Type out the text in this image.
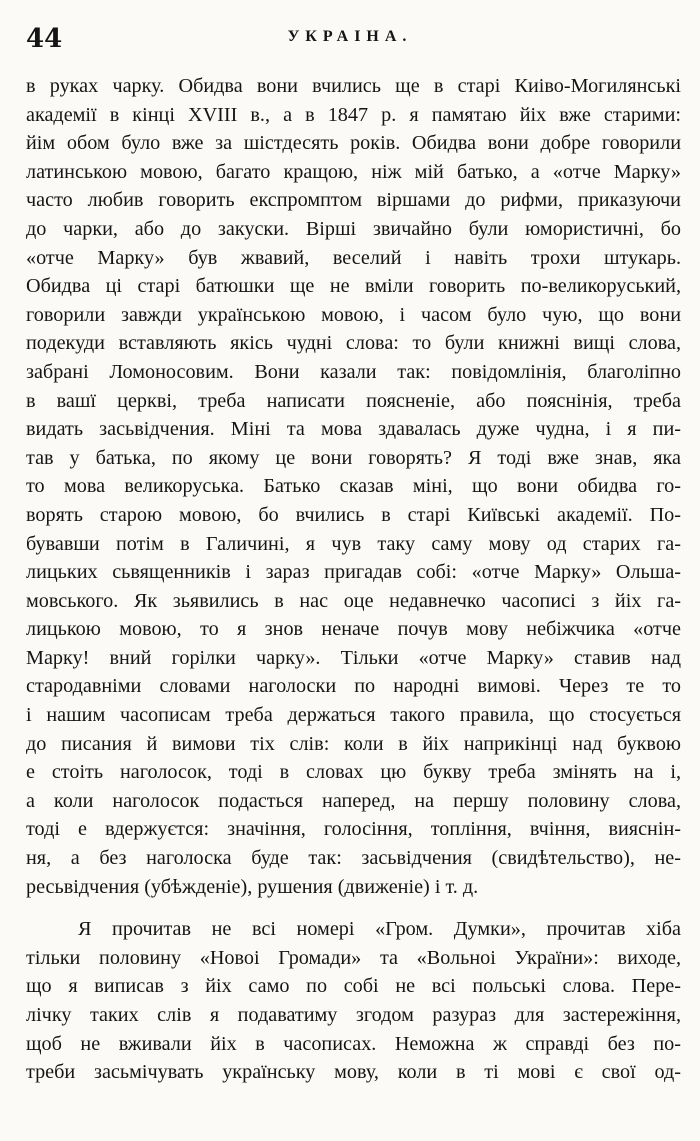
44	УКРАIНА.
в руках чарку. Обидва вони вчились ще в старі Киіво-Могилянські
академії в кінці XVIII в., а в 1847 р. я памятаю йіх вже старими:
йім обом було вже за шістдесять років. Обидва вони добре говорили
латинською мовою, багато кращою, ніж мій батько, а «отче Марку»
часто любив говорить експромптом віршами до рифми, приказуючи
до чарки, або до закуски. Вірші звичайно були юмористичні, бо
«отче Марку» був жвавий, веселий і навіть трохи штукарь.
Обидва ці старі батюшки ще не вміли говорить по-великоруський,
говорили завжди українською мовою, і часом було чую, що вони
подекуди вставляють якісь чудні слова: то були книжні вищі слова,
забрані Ломоносовим. Вони казали так: повідомлінія, благоліпно
в вашї церкві, треба написати поясненіе, або пояснінія, треба
видать засьвідчения. Міні та мова здавалась дуже чудна, і я пи-
тав у батька, по якому це вони говорять? Я тоді вже знав, яка
то мова великоруська. Батько сказав міні, що вони обидва го-
ворять старою мовою, бо вчились в старі Київські академії. По-
бувавши потім в Галичині, я чув таку саму мову од старих га-
лицьких сьвященників і зараз пригадав собі: «отче Марку» Ольша-
мовського. Як зьявились в нас оце недавнечко часописі з йіх га-
лицькою мовою, то я знов неначе почув мову небіжчика «отче
Марку! вний горілки чарку». Тільки «отче Марку» ставив над
стародавніми словами наголоски по народні вимові. Через те то
і нашим часописам треба держаться такого правила, що стосується
до писания й вимови тіх слів: коли в йіх наприкінці над буквою
е стоіть наголосок, тоді в словах цю букву треба змінять на і,
а коли наголосок подасться наперед, на першу половину слова,
тоді е вдержуєтся: значіння, голосіння, топління, вчіння, вияснін-
ня, а без наголоска буде так: засьвідчения (свидѣтельство), не-
ресьвідчения (убѣжденіе), рушения (движеніе) і т. д.
Я прочитав не всі номері «Гром. Думки», прочитав хіба
тільки половину «Новоі Громади» та «Вольноі України»: виходе,
що я виписав з йіх само по собі не всі польські слова. Пере-
лічку таких слів я подаватиму згодом разураз для застережіння,
щоб не вживали йіх в часописах. Неможна ж справді без по-
треби засьмічувать українську мову, коли в ті мові є свої од-
